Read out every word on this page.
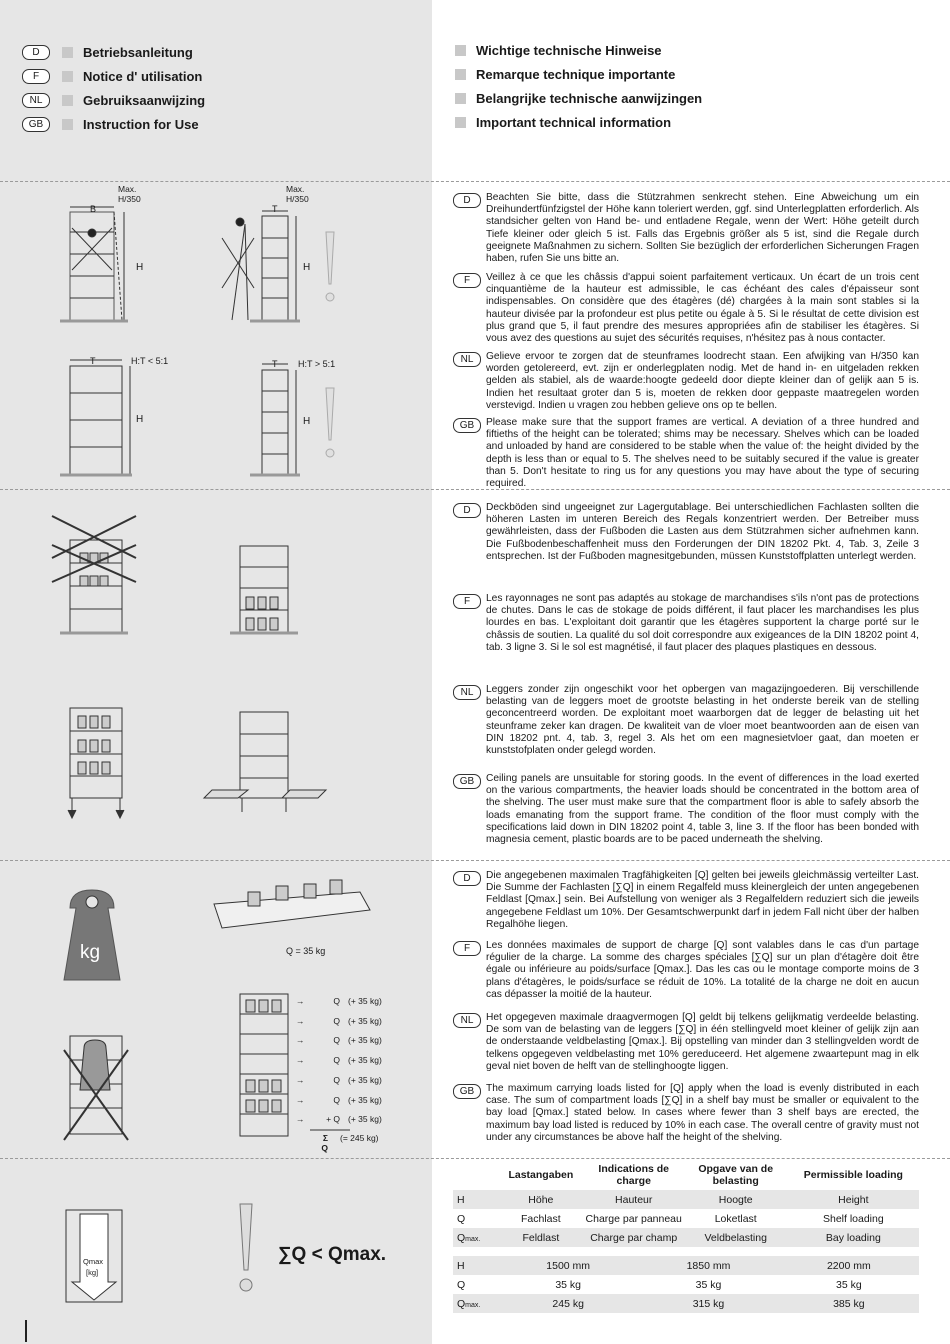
D	Betriebsanleitung
F	Notice d' utilisation
NL	Gebruiksaanwijzing
GB	Instruction for Use
Wichtige technische Hinweise
Remarque technique importante
Belangrijke technische aanwijzingen
Important technical information
Max.
H/350
Max.
H/350
B	T
H	H
T	H:T < 5:1	T H:T > 5:1
H	H
kg	Q = 35 kg
Qmax
[kg]
∑Q < Qmax.
→	Q (+ 35 kg)
→	Q (+ 35 kg)
→	Q (+ 35 kg)
→	Q (+ 35 kg)
→	Q (+ 35 kg)
→	Q (+ 35 kg)
→	+ Q (+ 35 kg)
Σ Q
(= 245 kg)
D	Beachten Sie bitte, dass die Stützrahmen senkrecht stehen. Eine Abweichung um ein Dreihundertfünfzigstel der Höhe kann toleriert werden, ggf. sind Unterlegplatten erforderlich. Als standsicher gelten von Hand be- und entladene Regale, wenn der Wert: Höhe geteilt durch Tiefe kleiner oder gleich 5 ist. Falls das Ergebnis größer als 5 ist, sind die Regale durch geeignete Maßnahmen zu sichern. Sollten Sie bezüglich der erforderlichen Sicherungen Fragen haben, rufen Sie uns bitte an.

F	Veillez à ce que les châssis d'appui soient parfaitement verticaux. Un écart de un trois cent cinquantième de la hauteur est admissible, le cas échéant des cales d'épaisseur sont indispensables. On considère que des étagères (dé) chargées à la main sont stables si la hauteur divisée par la profondeur est plus petite ou égale à 5. Si le résultat de cette division est plus grand que 5, il faut prendre des mesures appropriées afin de stabiliser les étagères. Si vous avez des questions au sujet des sécurités requises, n'hésitez pas à nous contacter.

NL	Gelieve ervoor te zorgen dat de steunframes loodrecht staan. Een afwijking van H/350 kan worden getolereerd, evt. zijn er onderlegplaten nodig. Met de hand in- en uitgeladen rekken gelden als stabiel, als de waarde:hoogte gedeeld door diepte kleiner dan of gelijk aan 5 is. Indien het resultaat groter dan 5 is, moeten de rekken door geppaste maatregelen worden verstevigd. Indien u vragen zou hebben gelieve ons op te bellen.

GB	Please make sure that the support frames are vertical. A deviation of a three hundred and fiftieths of the height can be tolerated; shims may be necessary. Shelves which can be loaded and unloaded by hand are considered to be stable when the value of: the height divided by the depth is less than or equal to 5. The shelves need to be suitably secured if the value is greater than 5. Don't hesitate to ring us for any questions you may have about the type of securing required.

D	Deckböden sind ungeeignet zur Lagergutablage. Bei unterschiedlichen Fachlasten sollten die höheren Lasten im unteren Bereich des Regals konzentriert werden. Der Betreiber muss gewährleisten, dass der Fußboden die Lasten aus dem Stützrahmen sicher aufnehmen kann. Die Fußbodenbeschaffenheit muss den Forderungen der DIN 18202 Pkt. 4, Tab. 3, Zeile 3 entsprechen. Ist der Fußboden magnesitgebunden, müssen Kunststoffplatten unterlegt werden.

F	Les rayonnages ne sont pas adaptés au stokage de marchandises s'ils n'ont pas de protections de chutes. Dans le cas de stokage de poids différent, il faut placer les marchandises les plus lourdes en bas. L'exploitant doit garantir que les étagères supportent la charge porté sur le châssis de soutien. La qualité du sol doit correspondre aux exigeances de la DIN 18202 point 4, tab. 3 ligne 3. Si le sol est magnétisé, il faut placer des plaques plastiques en dessous.

NL	Leggers zonder zijn ongeschikt voor het opbergen van magazijngoederen. Bij verschillende belasting van de leggers moet de grootste belasting in het onderste bereik van de stelling geconcentreerd worden. De exploitant moet waarborgen dat de legger de belasting uit het steunframe zeker kan dragen. De kwaliteit van de vloer moet beantwoorden aan de eisen van DIN 18202 pnt. 4, tab. 3, regel 3. Als het om een magnesietvloer gaat, dan moeten er kunststofplaten onder gelegd worden.

GB	Ceiling panels are unsuitable for storing goods. In the event of differences in the load exerted on the various compartments, the heavier loads should be concentrated in the bottom area of the shelving. The user must make sure that the compartment floor is able to safely absorb the loads emanating from the support frame. The condition of the floor must comply with the specifications laid down in DIN 18202 point 4, table 3, line 3. If the floor has been bonded with magnesia cement, plastic boards are to be paced underneath the shelving.

D	Die angegebenen maximalen Tragfähigkeiten [Q] gelten bei jeweils gleichmässig verteilter Last. Die Summe der Fachlasten [∑Q] in einem Regalfeld muss kleinergleich der unten angegebenen Feldlast [Qmax.] sein. Bei Aufstellung von weniger als 3 Regalfeldern reduziert sich die jeweils angegebene Feldlast um 10%. Der Gesamtschwerpunkt darf in jedem Fall nicht über der halben Regalhöhe liegen.

F	Les données maximales de support de charge [Q] sont valables dans le cas d'un partage régulier de la charge. La somme des charges spéciales [∑Q] sur un plan d'étagère doit être égale ou inférieure au poids/surface [Qmax.]. Das les cas ou le montage comporte moins de 3 plans d'étagères, le poids/surface se réduit de 10%. La totalité de la charge ne doit en aucun cas dépasser la moitié de la hauteur.

NL	Het opgegeven maximale draagvermogen [Q] geldt bij telkens gelijkmatig verdeelde belasting. De som van de belasting van de leggers [∑Q] in één stellingveld moet kleiner of gelijk zijn aan de onderstaande veldbelasting [Qmax.]. Bij opstelling van minder dan 3 stellingvelden wordt de telkens opgegeven veldbelasting met 10% gereduceerd. Het algemene zwaartepunt mag in elk geval niet boven de helft van de stellinghoogte liggen.

GB	The maximum carrying loads listed for [Q] apply when the load is evenly distributed in each case. The sum of compartment loads [∑Q] in a shelf bay must be smaller or equivalent to the bay load [Qmax.] stated below. In cases where fewer than 3 shelf bays are erected, the maximum bay load listed is reduced by 10% in each case. The overall centre of gravity must not under any circumstances be above half the height of the shelving.

	Lastangaben	Indications de charge	Opgave van de belasting	Permissible loading
H	Höhe	Hauteur	Hoogte	Height
Q	Fachlast	Charge par panneau	Loketlast	Shelf loading
Qmax.	Feldlast	Charge par champ	Veldbelasting	Bay loading
H	1500 mm	1850 mm	2200 mm
Q	35 kg	35 kg	35 kg
Qmax.	245 kg	315 kg	385 kg
